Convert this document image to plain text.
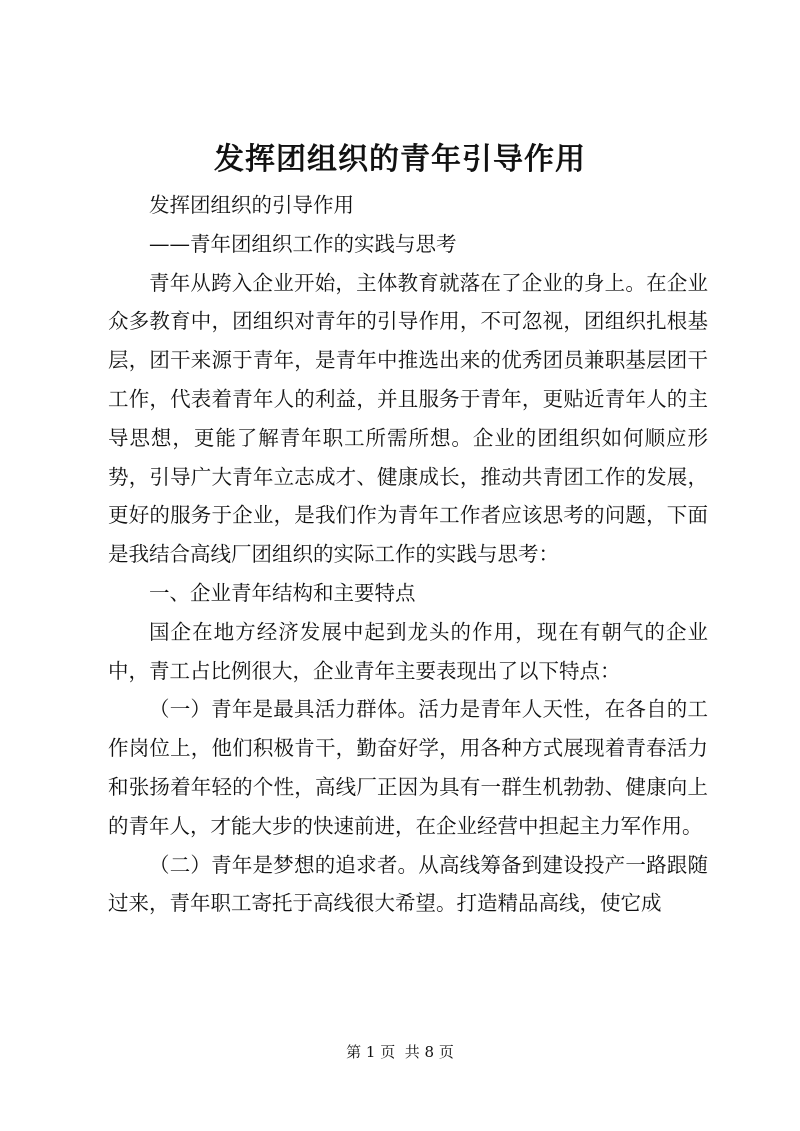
发挥团组织的青年引导作用

发挥团组织的引导作用

——青年团组织工作的实践与思考

青年从跨入企业开始，主体教育就落在了企业的身上。在企业众多教育中，团组织对青年的引导作用，不可忽视，团组织扎根基层，团干来源于青年，是青年中推选出来的优秀团员兼职基层团干工作，代表着青年人的利益，并且服务于青年，更贴近青年人的主导思想，更能了解青年职工所需所想。企业的团组织如何顺应形势，引导广大青年立志成才、健康成长，推动共青团工作的发展，更好的服务于企业，是我们作为青年工作者应该思考的问题，下面是我结合高线厂团组织的实际工作的实践与思考：

一、企业青年结构和主要特点

国企在地方经济发展中起到龙头的作用，现在有朝气的企业中，青工占比例很大，企业青年主要表现出了以下特点：

（一）青年是最具活力群体。活力是青年人天性，在各自的工作岗位上，他们积极肯干，勤奋好学，用各种方式展现着青春活力和张扬着年轻的个性，高线厂正因为具有一群生机勃勃、健康向上的青年人，才能大步的快速前进，在企业经营中担起主力军作用。

（二）青年是梦想的追求者。从高线筹备到建设投产一路跟随过来，青年职工寄托于高线很大希望。打造精品高线，使它成

第 1 页 共 8 页
